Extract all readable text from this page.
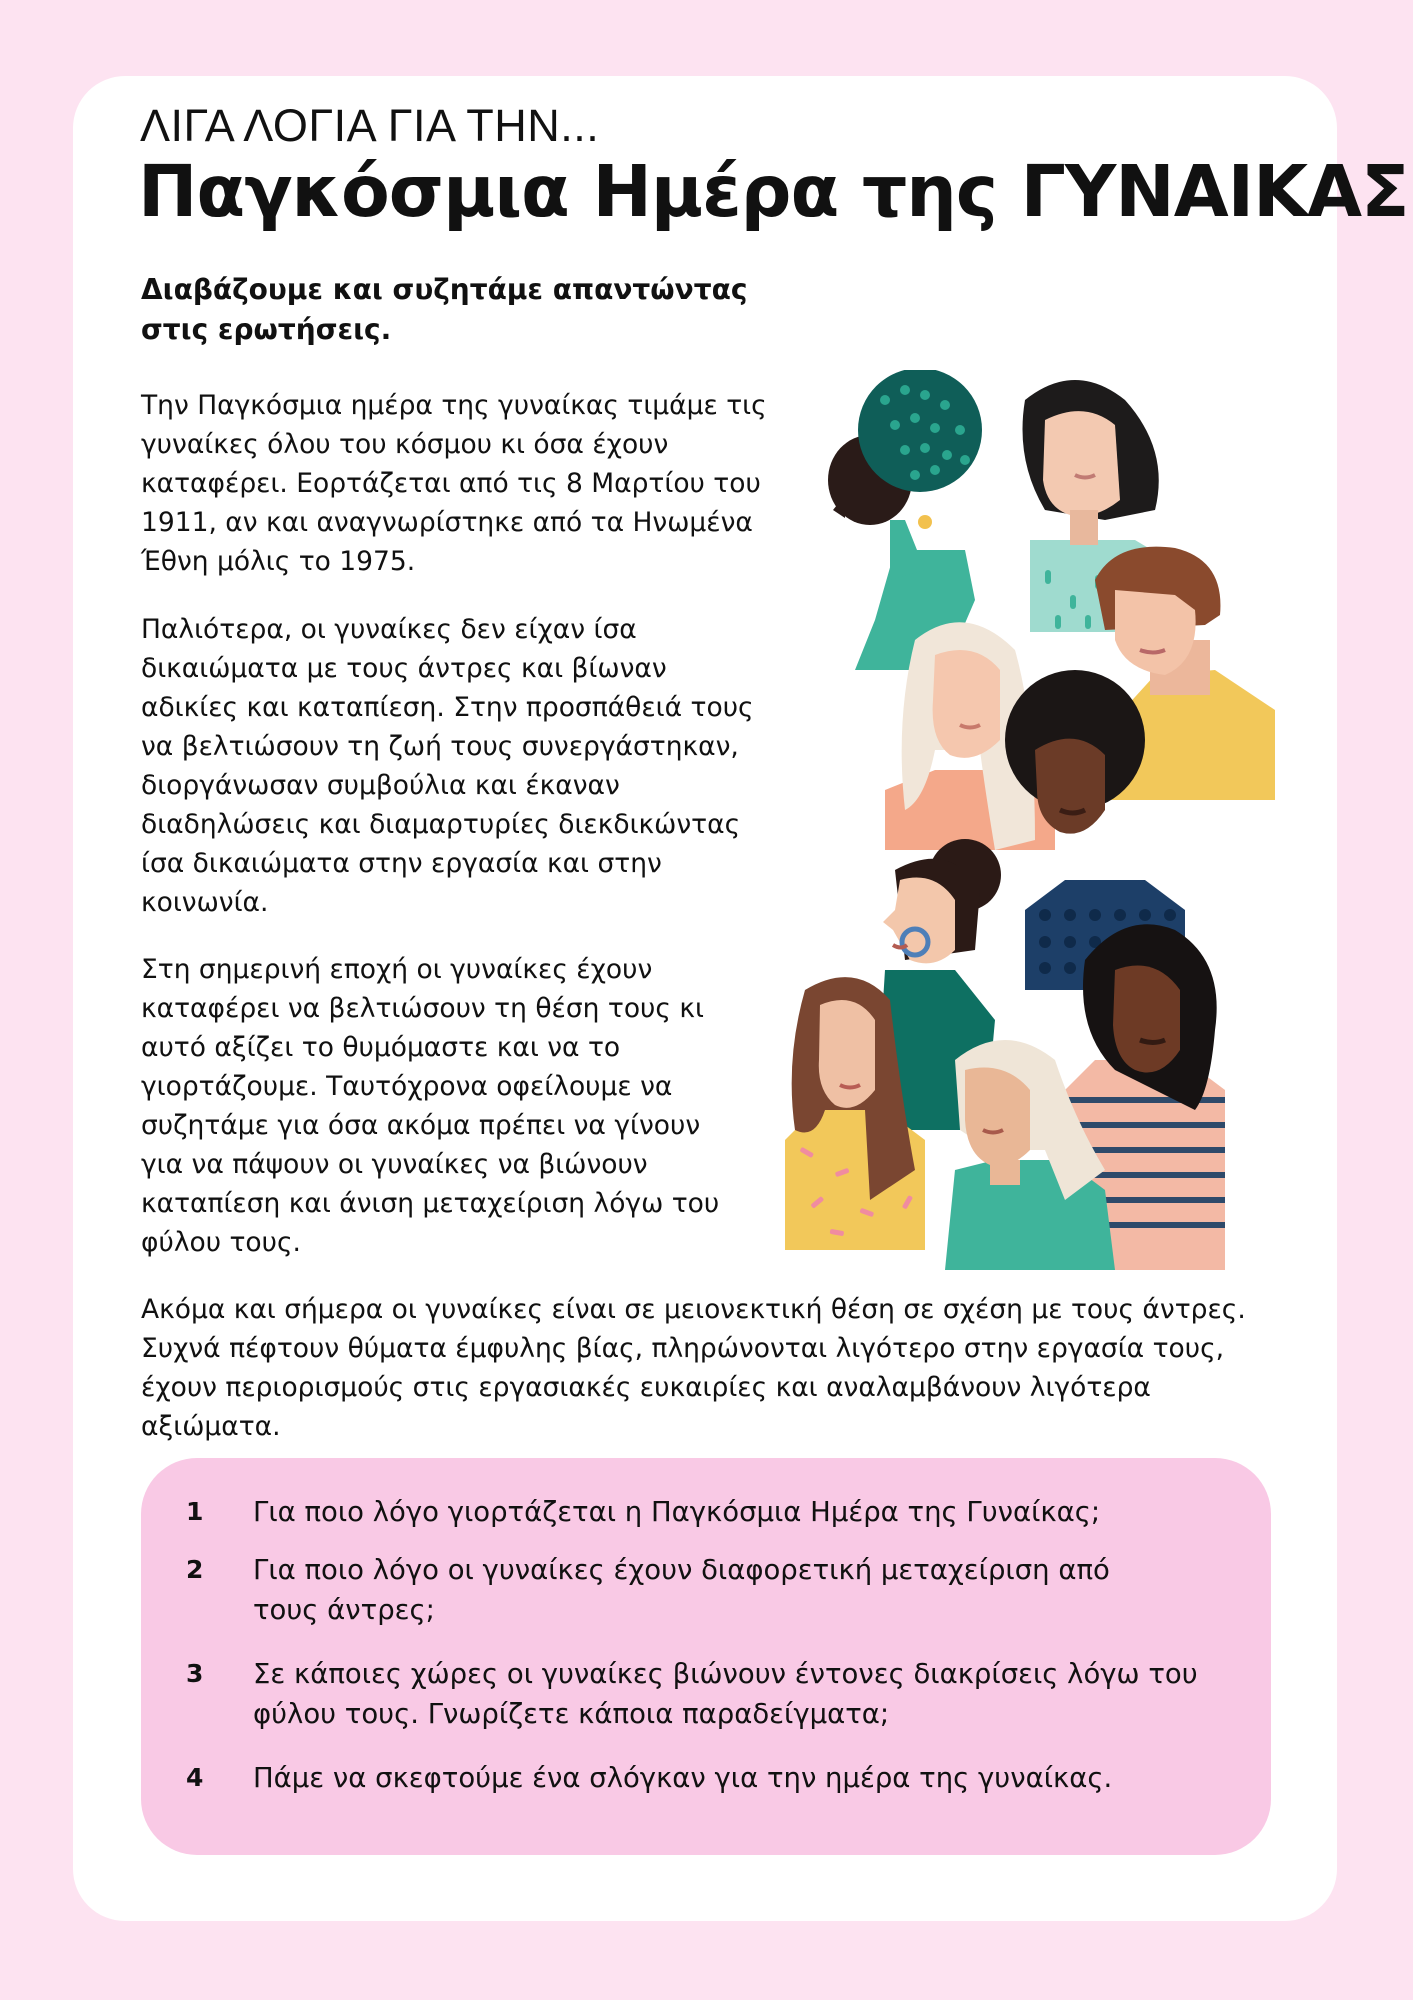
ΛΙΓΑ ΛΟΓΙΑ ΓΙΑ ΤΗΝ...
Παγκόσμια Ημέρα της ΓΥΝΑΙΚΑΣ
Διαβάζουμε και συζητάμε απαντώντας
στις ερωτήσεις.
Την Παγκόσμια ημέρα της γυναίκας τιμάμε τις
γυναίκες όλου του κόσμου κι όσα έχουν
καταφέρει. Εορτάζεται από τις 8 Μαρτίου του
1911, αν και αναγνωρίστηκε από τα Ηνωμένα
Έθνη μόλις το 1975.
Παλιότερα, οι γυναίκες δεν είχαν ίσα
δικαιώματα με τους άντρες και βίωναν
αδικίες και καταπίεση. Στην προσπάθειά τους
να βελτιώσουν τη ζωή τους συνεργάστηκαν,
διοργάνωσαν συμβούλια και έκαναν
διαδηλώσεις και διαμαρτυρίες διεκδικώντας
ίσα δικαιώματα στην εργασία και στην
κοινωνία.
Στη σημερινή εποχή οι γυναίκες έχουν
καταφέρει να βελτιώσουν τη θέση τους κι
αυτό αξίζει το θυμόμαστε και να το
γιορτάζουμε. Ταυτόχρονα οφείλουμε να
συζητάμε για όσα ακόμα πρέπει να γίνουν
για να πάψουν οι γυναίκες να βιώνουν
καταπίεση και άνιση μεταχείριση λόγω του
φύλου τους.
Ακόμα και σήμερα οι γυναίκες είναι σε μειονεκτική θέση σε σχέση με τους άντρες.
Συχνά πέφτουν θύματα έμφυλης βίας, πληρώνονται λιγότερο στην εργασία τους,
έχουν περιορισμούς στις εργασιακές ευκαιρίες και αναλαμβάνουν λιγότερα
αξιώματα.
1 Για ποιο λόγο γιορτάζεται η Παγκόσμια Ημέρα της Γυναίκας;
2 Για ποιο λόγο οι γυναίκες έχουν διαφορετική μεταχείριση από
τους άντρες;
3 Σε κάποιες χώρες οι γυναίκες βιώνουν έντονες διακρίσεις λόγω του
φύλου τους. Γνωρίζετε κάποια παραδείγματα;
4 Πάμε να σκεφτούμε ένα σλόγκαν για την ημέρα της γυναίκας.
